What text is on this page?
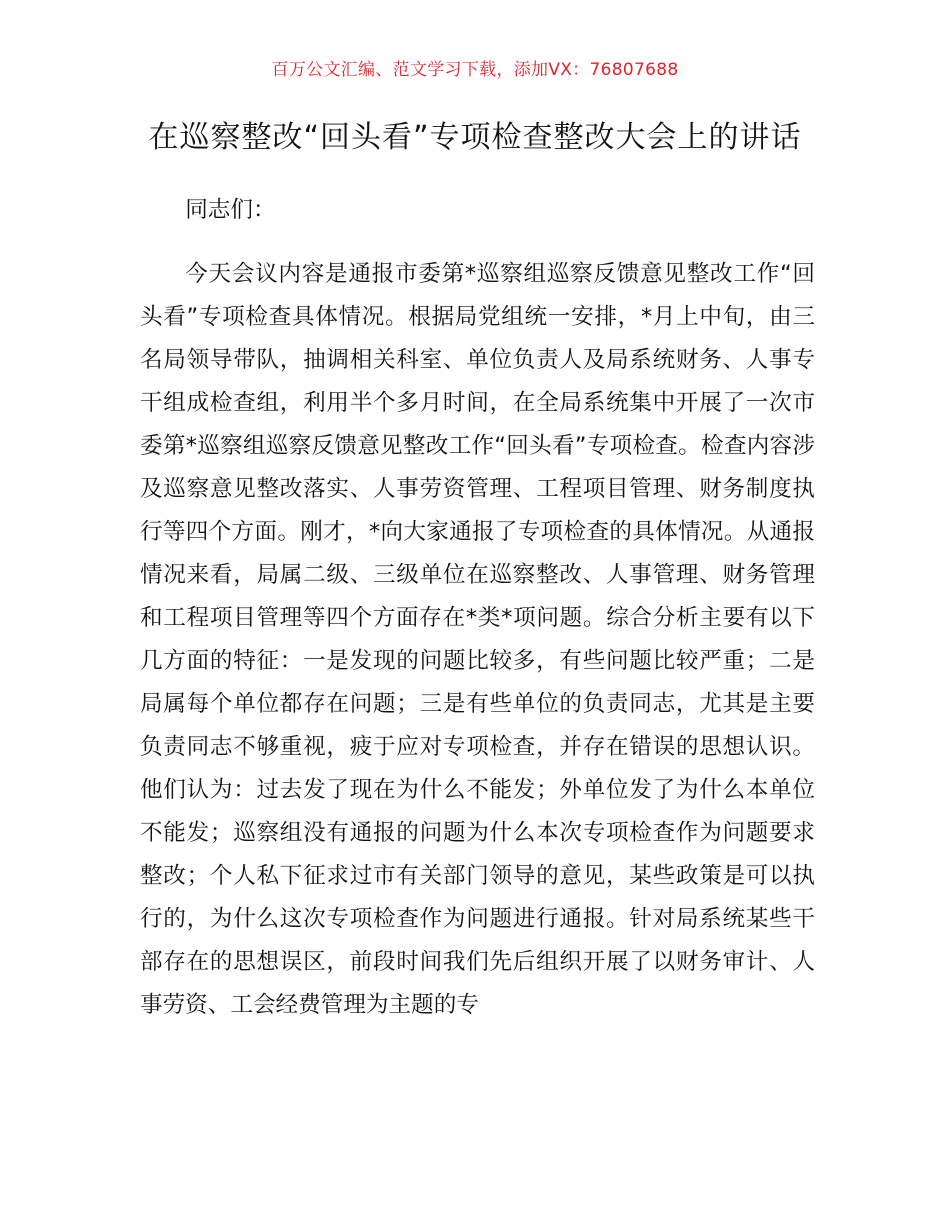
百万公文汇编、范文学习下载，添加VX：76807688
在巡察整改“回头看”专项检查整改大会上的讲话

同志们：

今天会议内容是通报市委第*巡察组巡察反馈意见整改工作“回头看”专项检查具体情况。根据局党组统一安排，*月上中旬，由三名局领导带队，抽调相关科室、单位负责人及局系统财务、人事专干组成检查组，利用半个多月时间，在全局系统集中开展了一次市委第*巡察组巡察反馈意见整改工作“回头看”专项检查。检查内容涉及巡察意见整改落实、人事劳资管理、工程项目管理、财务制度执行等四个方面。刚才，*向大家通报了专项检查的具体情况。从通报情况来看，局属二级、三级单位在巡察整改、人事管理、财务管理和工程项目管理等四个方面存在*类*项问题。综合分析主要有以下几方面的特征：一是发现的问题比较多，有些问题比较严重；二是局属每个单位都存在问题；三是有些单位的负责同志，尤其是主要负责同志不够重视，疲于应对专项检查，并存在错误的思想认识。他们认为：过去发了现在为什么不能发；外单位发了为什么本单位不能发；巡察组没有通报的问题为什么本次专项检查作为问题要求整改；个人私下征求过市有关部门领导的意见，某些政策是可以执行的，为什么这次专项检查作为问题进行通报。针对局系统某些干部存在的思想误区，前段时间我们先后组织开展了以财务审计、人事劳资、工会经费管理为主题的专
